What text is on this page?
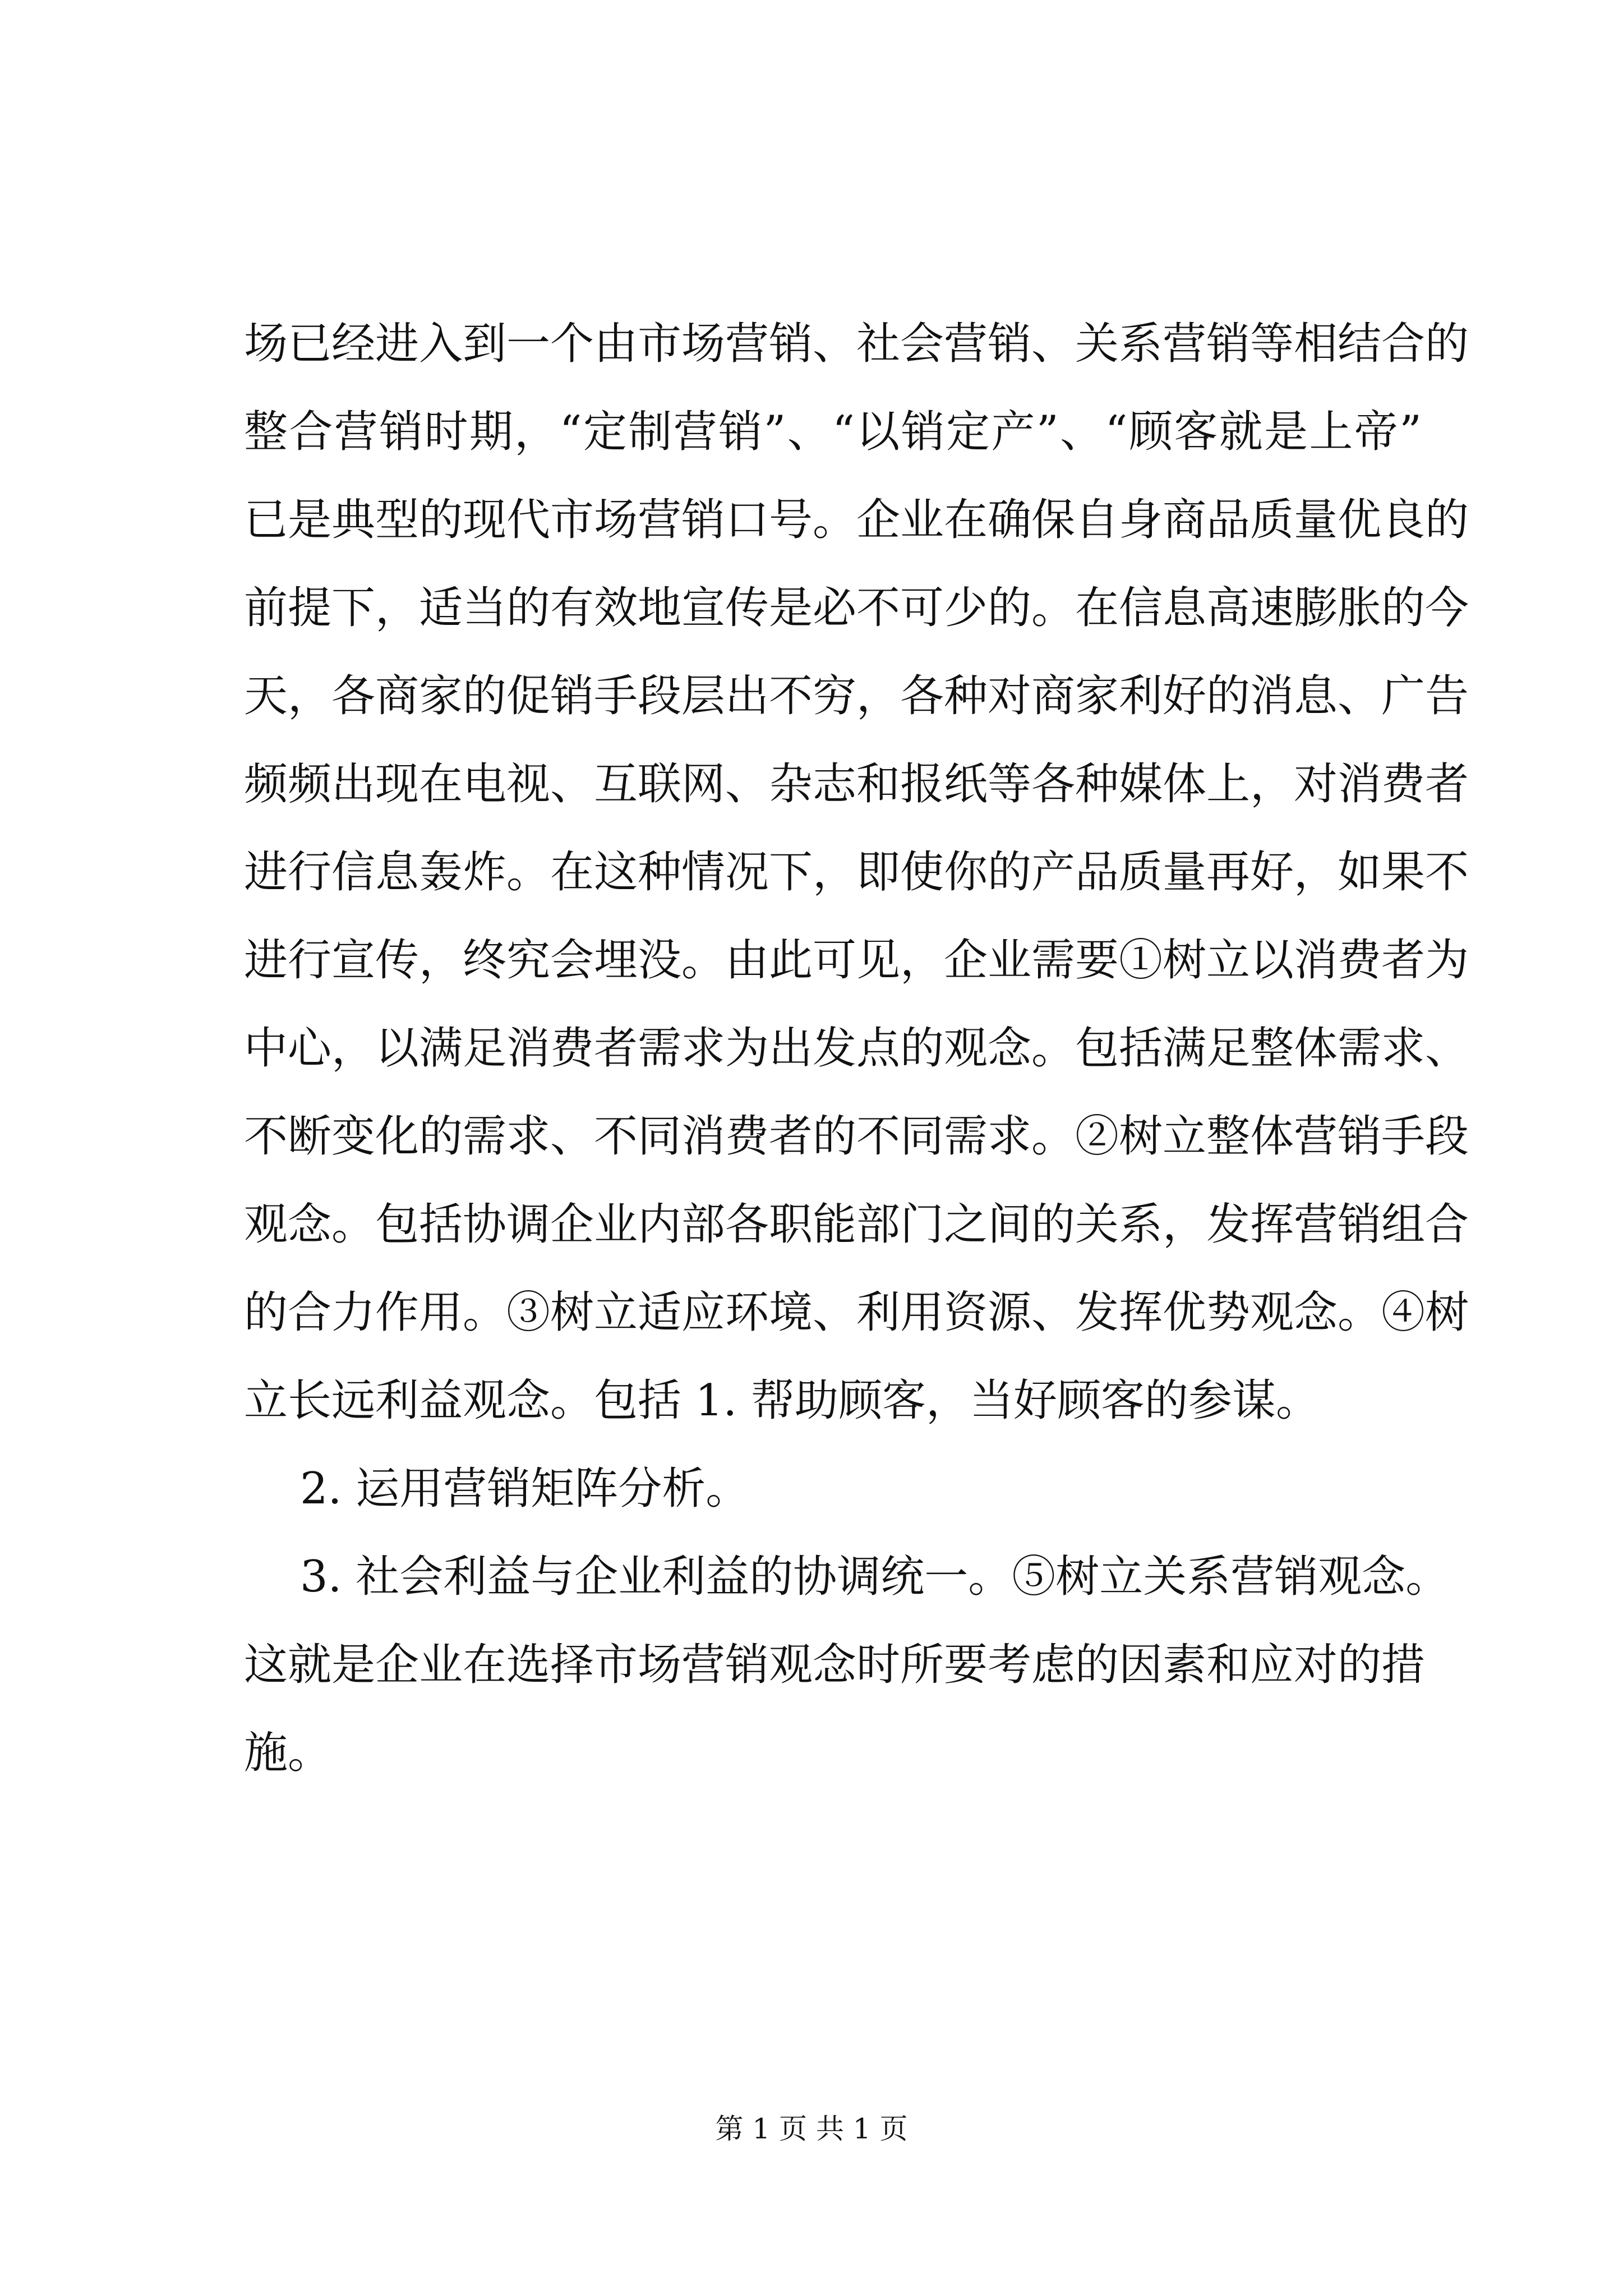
场已经进入到一个由市场营销、社会营销、关系营销等相结合的
整合营销时期，“定制营销”、“以销定产”、“顾客就是上帝”
已是典型的现代市场营销口号。企业在确保自身商品质量优良的
前提下，适当的有效地宣传是必不可少的。在信息高速膨胀的今
天，各商家的促销手段层出不穷，各种对商家利好的消息、广告
频频出现在电视、互联网、杂志和报纸等各种媒体上，对消费者
进行信息轰炸。在这种情况下，即使你的产品质量再好，如果不
进行宣传，终究会埋没。由此可见，企业需要①树立以消费者为
中心，以满足消费者需求为出发点的观念。包括满足整体需求、
不断变化的需求、不同消费者的不同需求。②树立整体营销手段
观念。包括协调企业内部各职能部门之间的关系，发挥营销组合
的合力作用。③树立适应环境、利用资源、发挥优势观念。④树
立长远利益观念。包括 1. 帮助顾客，当好顾客的参谋。
2. 运用营销矩阵分析。
3. 社会利益与企业利益的协调统一。⑤树立关系营销观念。
这就是企业在选择市场营销观念时所要考虑的因素和应对的措
施。
第 1 页 共 1 页
